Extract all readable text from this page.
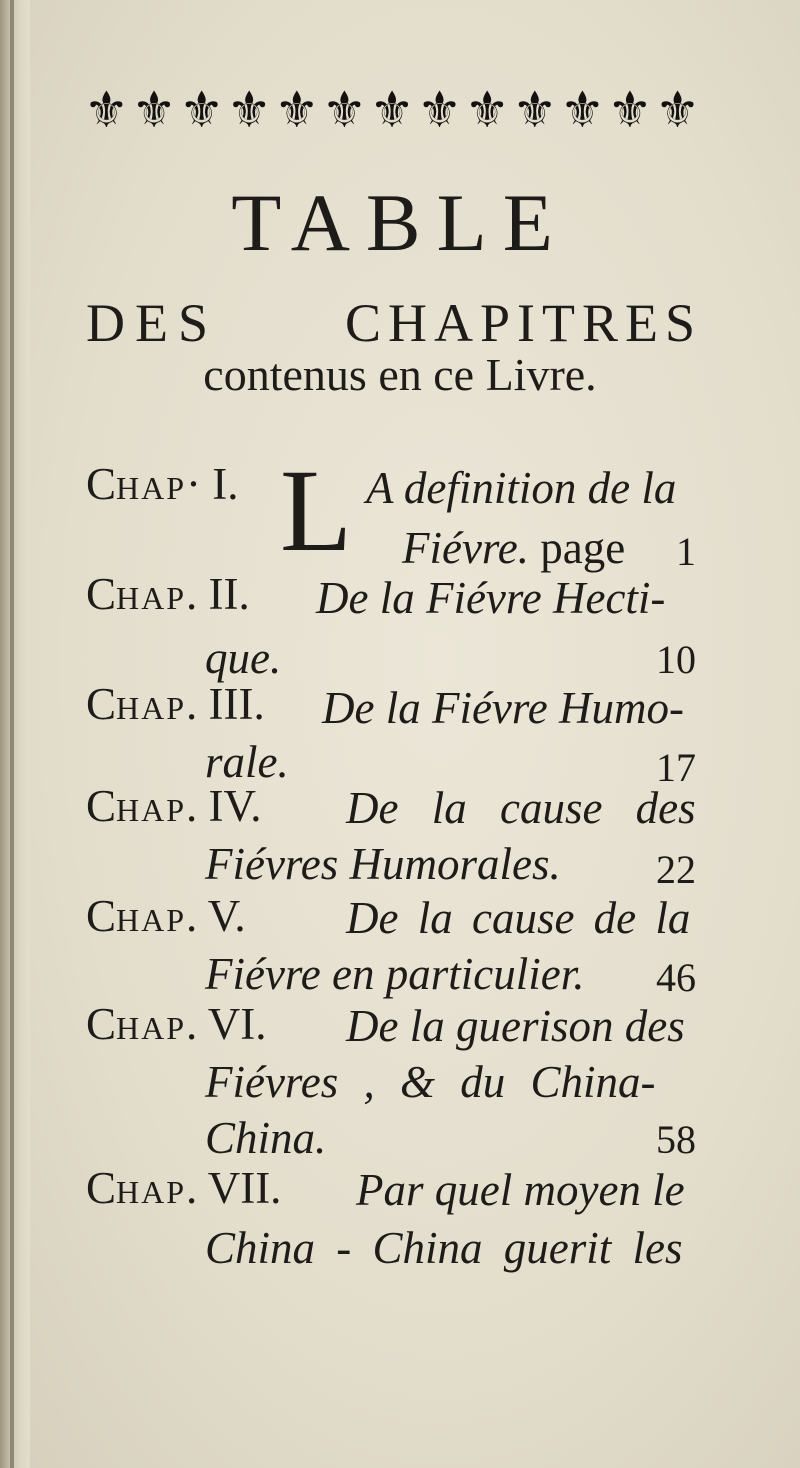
⚜ ⚜ ⚜ ⚜ ⚜ ⚜ ⚜ ⚜ ⚜ ⚜ ⚜ ⚜ ⚜
TABLE
DES CHAPITRES
contenus en ce Livre.
CHAP· I. L A definition de la
Fiévre. page 1
CHAP. II. De la Fiévre Hecti-
que.	10
CHAP. III. De la Fiévre Humo-
rale.	17
CHAP. IV. De la cause des
Fiévres Humorales. 22
CHAP. V. De la cause de la
Fiévre en particulier. 46
CHAP. VI. De la guerison des
Fiévres , & du China-
China.	58
CHAP. VII. Par quel moyen le
China - China guerit les
